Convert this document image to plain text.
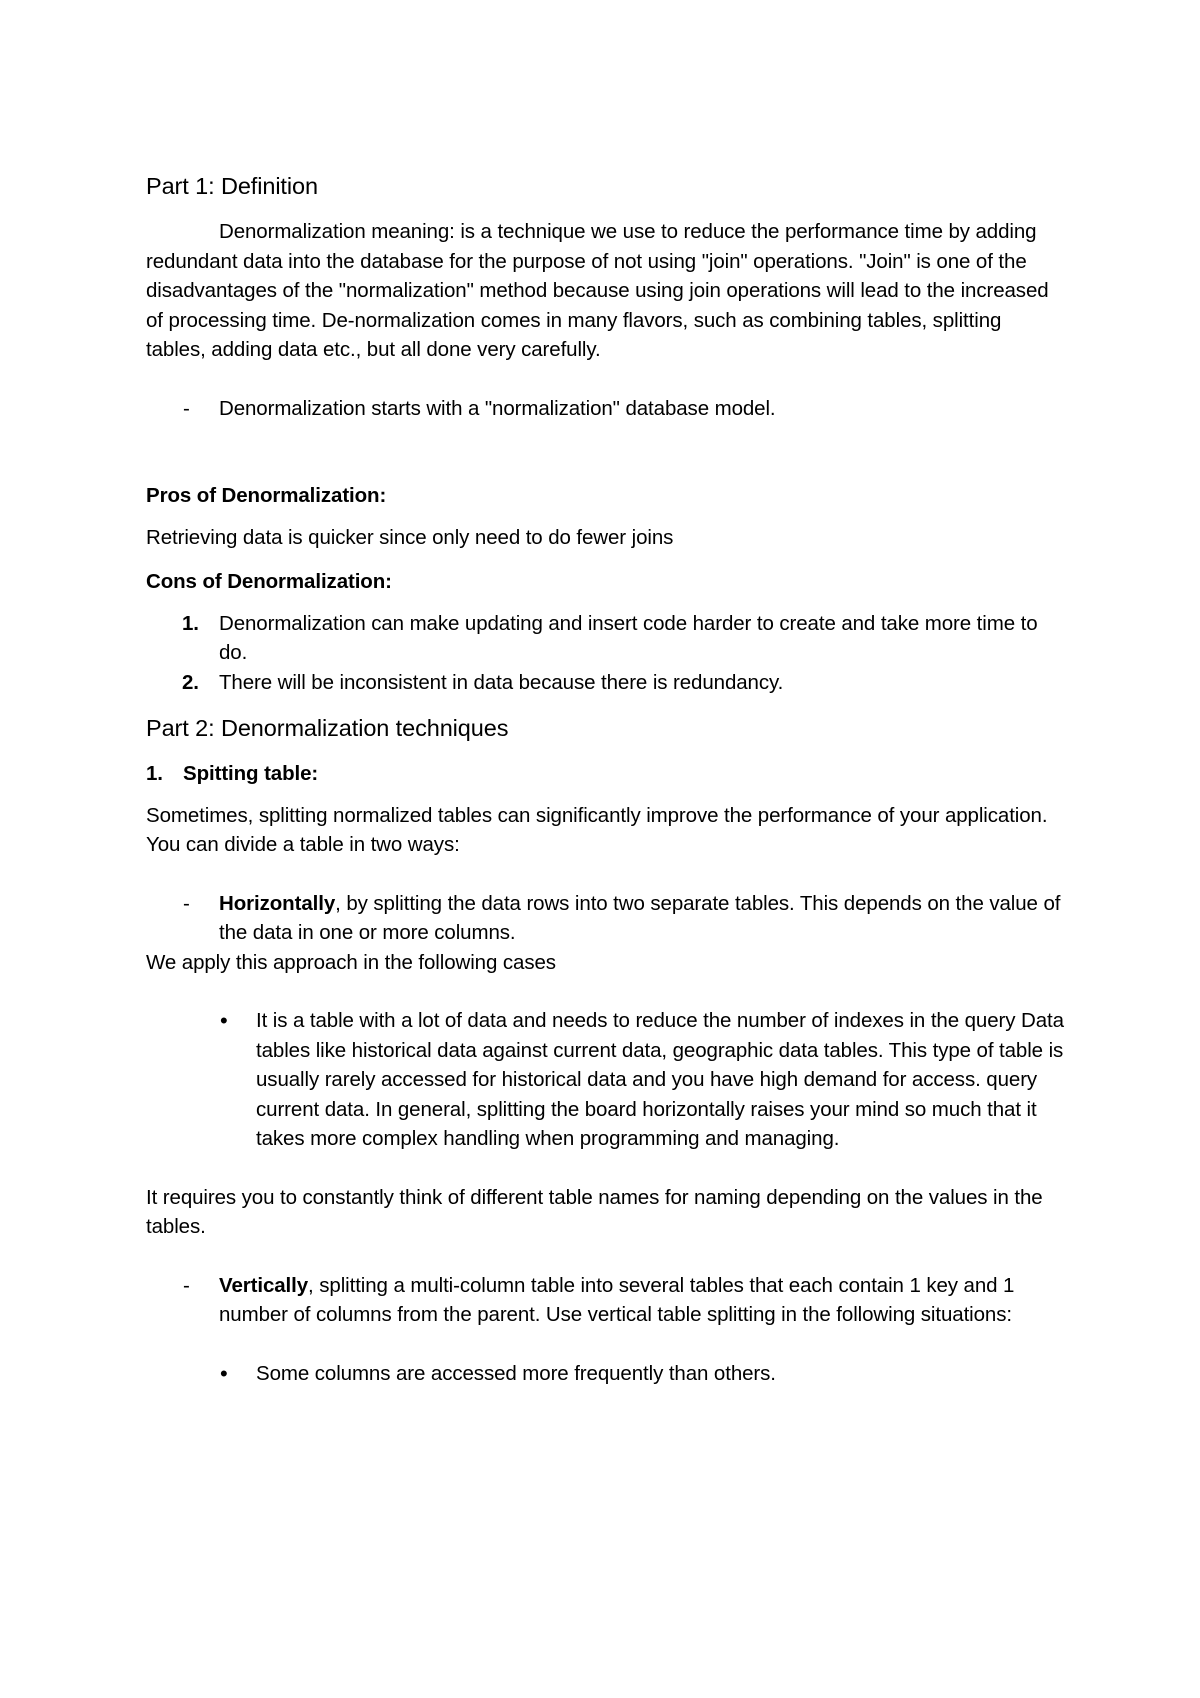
Part 1: Definition

Denormalization meaning: is a technique we use to reduce the performance time by adding redundant data into the database for the purpose of not using "join" operations. "Join" is one of the disadvantages of the "normalization" method because using join operations will lead to the increased of processing time. De-normalization comes in many flavors, such as combining tables, splitting tables, adding data etc., but all done very carefully.

- Denormalization starts with a "normalization" database model.

Pros of Denormalization:

Retrieving data is quicker since only need to do fewer joins

Cons of Denormalization:

1. Denormalization can make updating and insert code harder to create and take more time to do.

2. There will be inconsistent in data because there is redundancy.

Part 2: Denormalization techniques

1. Spitting table:

Sometimes, splitting normalized tables can significantly improve the performance of your application. You can divide a table in two ways:

- Horizontally, by splitting the data rows into two separate tables. This depends on the value of the data in one or more columns.

We apply this approach in the following cases

• It is a table with a lot of data and needs to reduce the number of indexes in the query Data tables like historical data against current data, geographic data tables. This type of table is usually rarely accessed for historical data and you have high demand for access. query current data. In general, splitting the board horizontally raises your mind so much that it takes more complex handling when programming and managing.

It requires you to constantly think of different table names for naming depending on the values in the tables.

- Vertically, splitting a multi-column table into several tables that each contain 1 key and 1 number of columns from the parent. Use vertical table splitting in the following situations:

• Some columns are accessed more frequently than others.
